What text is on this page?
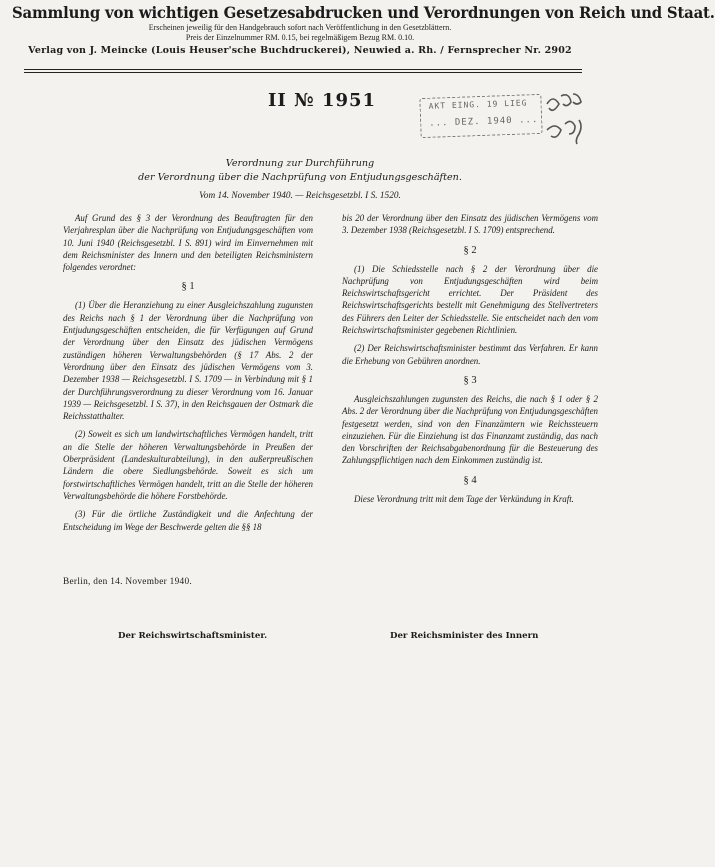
Sammlung von wichtigen Gesetzesabdrucken und Verordnungen von Reich und Staat.
Erscheinen jeweilig für den Handgebrauch sofort nach Veröffentlichung in den Gesetzblättern.
Preis der Einzelnummer RM. 0.15, bei regelmäßigem Bezug RM. 0.10.
Verlag von J. Meincke (Louis Heuser'sche Buchdruckerei), Neuwied a. Rh. / Fernsprecher Nr. 2902
II № 1951	AKT EING. 19 LIEG
... DEZ. 1940 ...
Verordnung zur Durchführung
der Verordnung über die Nachprüfung von Entjudungsgeschäften.
Vom 14. November 1940. — Reichsgesetzbl. I S. 1520.

Auf Grund des § 3 der Verordnung des Beauftragten für den Vierjahresplan über die Nachprüfung von Entjudungsgeschäften vom 10. Juni 1940 (Reichsgesetzbl. I S. 891) wird im Einvernehmen mit dem Reichsminister des Innern und den beteiligten Reichsministern folgendes verordnet:

§ 1

(1) Über die Heranziehung zu einer Ausgleichszahlung zugunsten des Reichs nach § 1 der Verordnung über die Nachprüfung von Entjudungsgeschäften entscheiden, die für Verfügungen auf Grund der Verordnung über den Einsatz des jüdischen Vermögens zuständigen höheren Verwaltungsbehörden (§ 17 Abs. 2 der Verordnung über den Einsatz des jüdischen Vermögens vom 3. Dezember 1938 — Reichsgesetzbl. I S. 1709 — in Verbindung mit § 1 der Durchführungsverordnung zu dieser Verordnung vom 16. Januar 1939 — Reichsgesetzbl. I S. 37), in den Reichsgauen der Ostmark die Reichsstatthalter.

(2) Soweit es sich um landwirtschaftliches Vermögen handelt, tritt an die Stelle der höheren Verwaltungsbehörde in Preußen der Oberpräsident (Landeskulturabteilung), in den außerpreußischen Ländern die obere Siedlungsbehörde. Soweit es sich um forstwirtschaftliches Vermögen handelt, tritt an die Stelle der höheren Verwaltungsbehörde die höhere Forstbehörde.

(3) Für die örtliche Zuständigkeit und die Anfechtung der Entscheidung im Wege der Beschwerde gelten die §§ 18

bis 20 der Verordnung über den Einsatz des jüdischen Vermögens vom 3. Dezember 1938 (Reichsgesetzbl. I S. 1709) entsprechend.

§ 2

(1) Die Schiedsstelle nach § 2 der Verordnung über die Nachprüfung von Entjudungsgeschäften wird beim Reichswirtschaftsgericht errichtet. Der Präsident des Reichswirtschaftsgerichts bestellt mit Genehmigung des Stellvertreters des Führers den Leiter der Schiedsstelle. Sie entscheidet nach den vom Reichswirtschaftsminister gegebenen Richtlinien.

(2) Der Reichswirtschaftsminister bestimmt das Verfahren. Er kann die Erhebung von Gebühren anordnen.

§ 3

Ausgleichszahlungen zugunsten des Reichs, die nach § 1 oder § 2 Abs. 2 der Verordnung über die Nachprüfung von Entjudungsgeschäften festgesetzt werden, sind von den Finanzämtern wie Reichssteuern einzuziehen. Für die Einziehung ist das Finanzamt zuständig, das nach den Vorschriften der Reichsabgabenordnung für die Besteuerung des Zahlungspflichtigen nach dem Einkommen zuständig ist.

§ 4

Diese Verordnung tritt mit dem Tage der Verkündung in Kraft.

Berlin, den 14. November 1940.
Der Reichswirtschaftsminister.	Der Reichsminister des Innern
